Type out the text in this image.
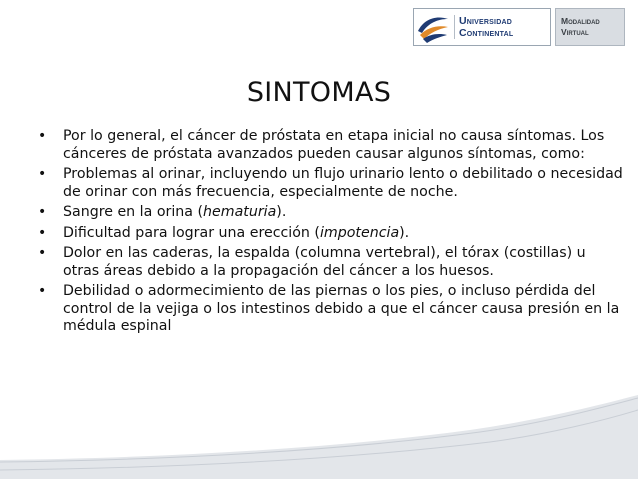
Universidad
Continental
Modalidad
Virtual
SINTOMAS
• Por lo general, el cáncer de próstata en etapa inicial no causa síntomas. Los cánceres de próstata avanzados pueden causar algunos síntomas, como:
• Problemas al orinar, incluyendo un flujo urinario lento o debilitado o necesidad de orinar con más frecuencia, especialmente de noche.
• Sangre en la orina (hematuria).
• Dificultad para lograr una erección (impotencia).
• Dolor en las caderas, la espalda (columna vertebral), el tórax (costillas) u otras áreas debido a la propagación del cáncer a los huesos.
• Debilidad o adormecimiento de las piernas o los pies, o incluso pérdida del control de la vejiga o los intestinos debido a que el cáncer causa presión en la médula espinal
